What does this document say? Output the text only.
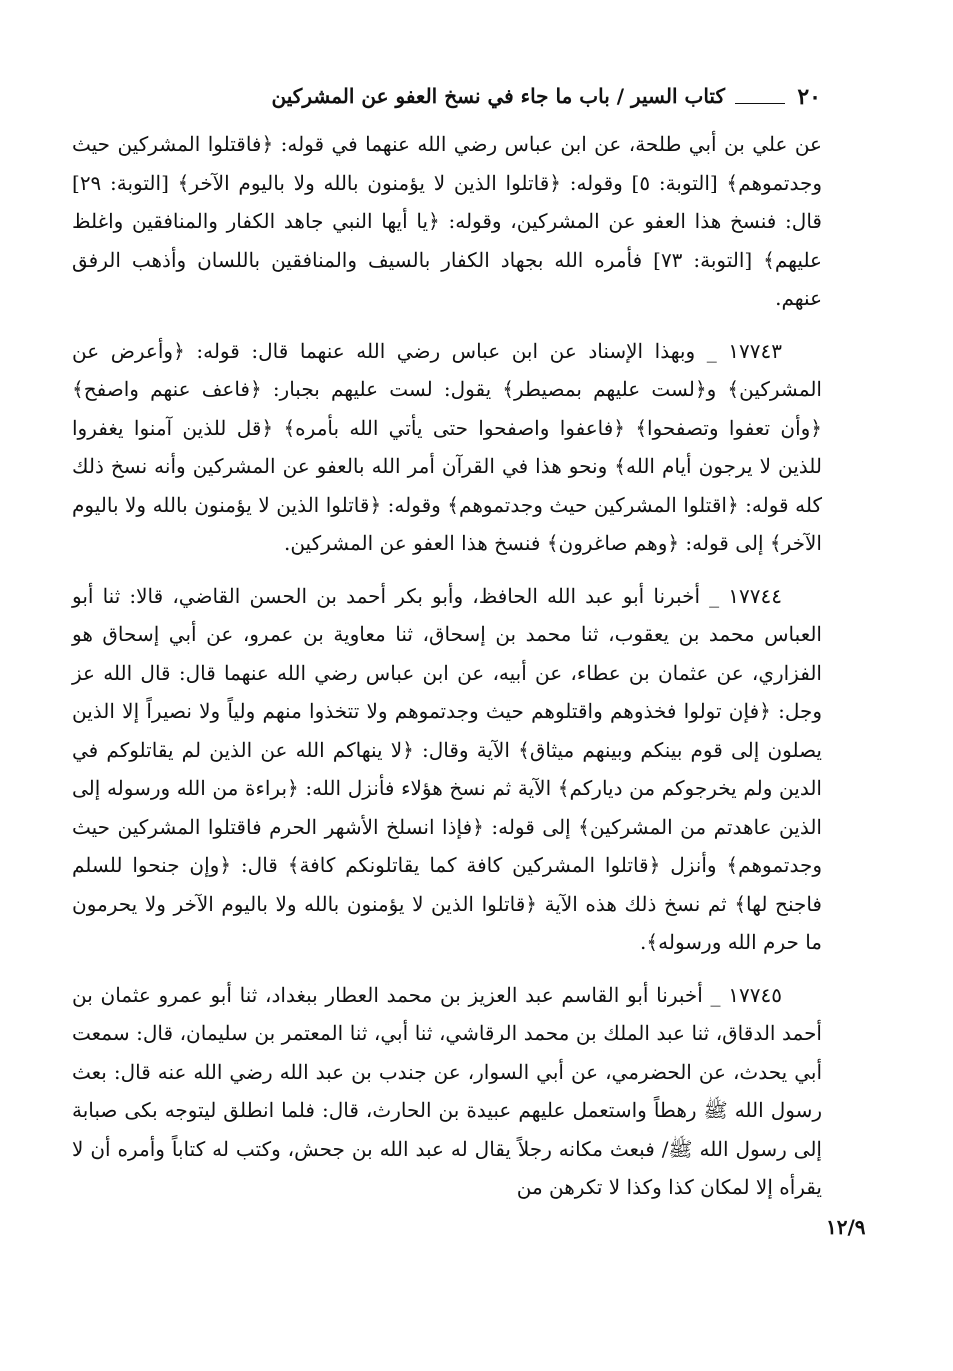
٢٠
كتاب السير / باب ما جاء في نسخ العفو عن المشركين

عن علي بن أبي طلحة، عن ابن عباس رضي الله عنهما في قوله: ﴿فاقتلوا المشركين حيث وجدتموهم﴾ [التوبة: ٥] وقوله: ﴿قاتلوا الذين لا يؤمنون بالله ولا باليوم الآخر﴾ [التوبة: ٢٩] قال: فنسخ هذا العفو عن المشركين، وقوله: ﴿يا أيها النبي جاهد الكفار والمنافقين واغلظ عليهم﴾ [التوبة: ٧٣] فأمره الله بجهاد الكفار بالسيف والمنافقين باللسان وأذهب الرفق عنهم.

١٧٧٤٣ _ وبهذا الإسناد عن ابن عباس رضي الله عنهما قال: قوله: ﴿وأعرض عن المشركين﴾ و﴿لست عليهم بمصيطر﴾ يقول: لست عليهم بجبار: ﴿فاعف عنهم واصفح﴾ ﴿وأن تعفوا وتصفحوا﴾ ﴿فاعفوا واصفحوا حتى يأتي الله بأمره﴾ ﴿قل للذين آمنوا يغفروا للذين لا يرجون أيام الله﴾ ونحو هذا في القرآن أمر الله بالعفو عن المشركين وأنه نسخ ذلك كله قوله: ﴿اقتلوا المشركين حيث وجدتموهم﴾ وقوله: ﴿قاتلوا الذين لا يؤمنون بالله ولا باليوم الآخر﴾ إلى قوله: ﴿وهم صاغرون﴾ فنسخ هذا العفو عن المشركين.

١٧٧٤٤ _ أخبرنا أبو عبد الله الحافظ، وأبو بكر أحمد بن الحسن القاضي، قالا: ثنا أبو العباس محمد بن يعقوب، ثنا محمد بن إسحاق، ثنا معاوية بن عمرو، عن أبي إسحاق هو الفزاري، عن عثمان بن عطاء، عن أبيه، عن ابن عباس رضي الله عنهما قال: قال الله عز وجل: ﴿فإن تولوا فخذوهم واقتلوهم حيث وجدتموهم ولا تتخذوا منهم ولياً ولا نصيراً إلا الذين يصلون إلى قوم بينكم وبينهم ميثاق﴾ الآية وقال: ﴿لا ينهاكم الله عن الذين لم يقاتلوكم في الدين ولم يخرجوكم من دياركم﴾ الآية ثم نسخ هؤلاء فأنزل الله: ﴿براءة من الله ورسوله إلى الذين عاهدتم من المشركين﴾ إلى قوله: ﴿فإذا انسلخ الأشهر الحرم فاقتلوا المشركين حيث وجدتموهم﴾ وأنزل ﴿قاتلوا المشركين كافة كما يقاتلونكم كافة﴾ قال: ﴿وإن جنحوا للسلم فاجنح لها﴾ ثم نسخ ذلك هذه الآية ﴿قاتلوا الذين لا يؤمنون بالله ولا باليوم الآخر ولا يحرمون ما حرم الله ورسوله﴾.

١٧٧٤٥ _ أخبرنا أبو القاسم عبد العزيز بن محمد العطار ببغداد، ثنا أبو عمرو عثمان بن أحمد الدقاق، ثنا عبد الملك بن محمد الرقاشي، ثنا أبي، ثنا المعتمر بن سليمان، قال: سمعت أبي يحدث، عن الحضرمي، عن أبي السوار، عن جندب بن عبد الله رضي الله عنه قال: بعث رسول الله ﷺ رهطاً واستعمل عليهم عبيدة بن الحارث، قال: فلما انطلق ليتوجه بكى صبابة إلى رسول الله ﷺ/ فبعث مكانه رجلاً يقال له عبد الله بن جحش، وكتب له كتاباً وأمره أن لا يقرأه إلا لمكان كذا وكذا لا تكرهن من

١٢/٩
